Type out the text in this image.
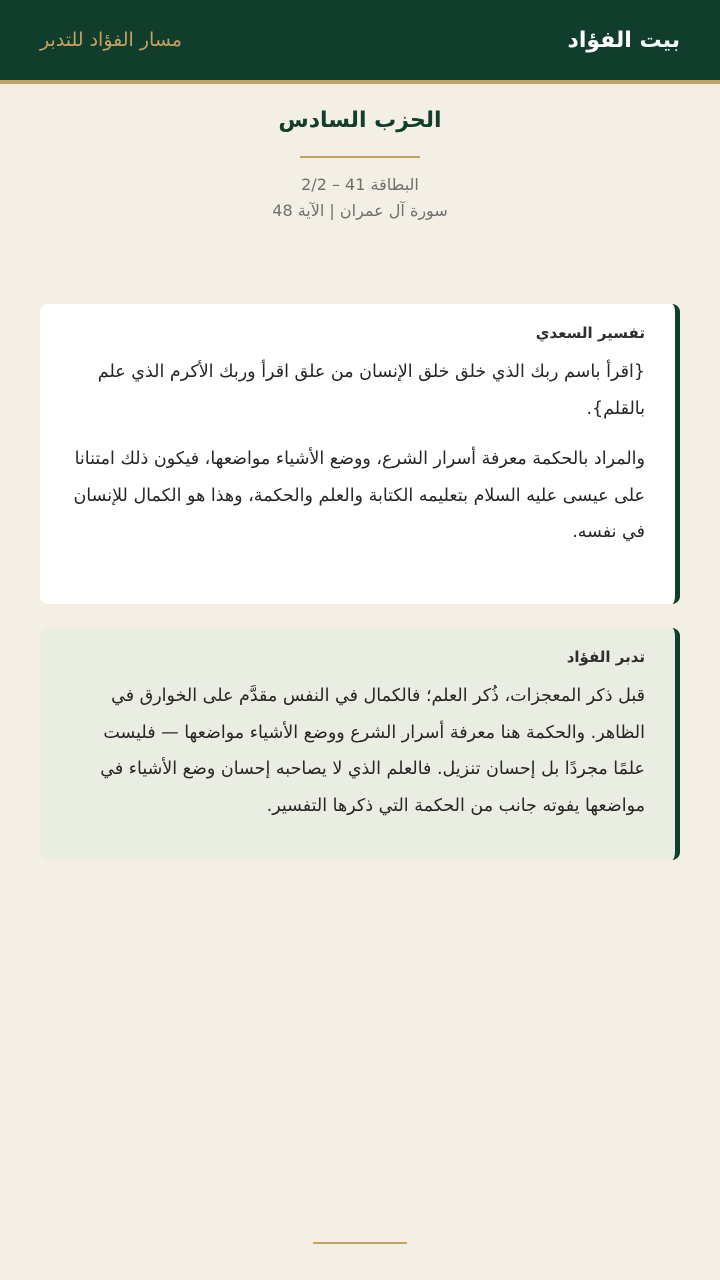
بيت الفؤاد
مسار الفؤاد للتدبر
الحزب السادس
البطاقة 41 – 2/2
سورة آل عمران | الآية 48
تفسير السعدي

{اقرأ باسم ربك الذي خلق خلق الإنسان من علق اقرأ وربك الأكرم الذي علم بالقلم}.

والمراد بالحكمة معرفة أسرار الشرع، ووضع الأشياء مواضعها، فيكون ذلك امتنانا على عيسى عليه السلام بتعليمه الكتابة والعلم والحكمة، وهذا هو الكمال للإنسان في نفسه.

تدبر الفؤاد

قبل ذكر المعجزات، ذُكر العلم؛ فالكمال في النفس مقدَّم على الخوارق في الظاهر. والحكمة هنا معرفة أسرار الشرع ووضع الأشياء مواضعها — فليست علمًا مجردًا بل إحسان تنزيل. فالعلم الذي لا يصاحبه إحسان وضع الأشياء في مواضعها يفوته جانب من الحكمة التي ذكرها التفسير.
